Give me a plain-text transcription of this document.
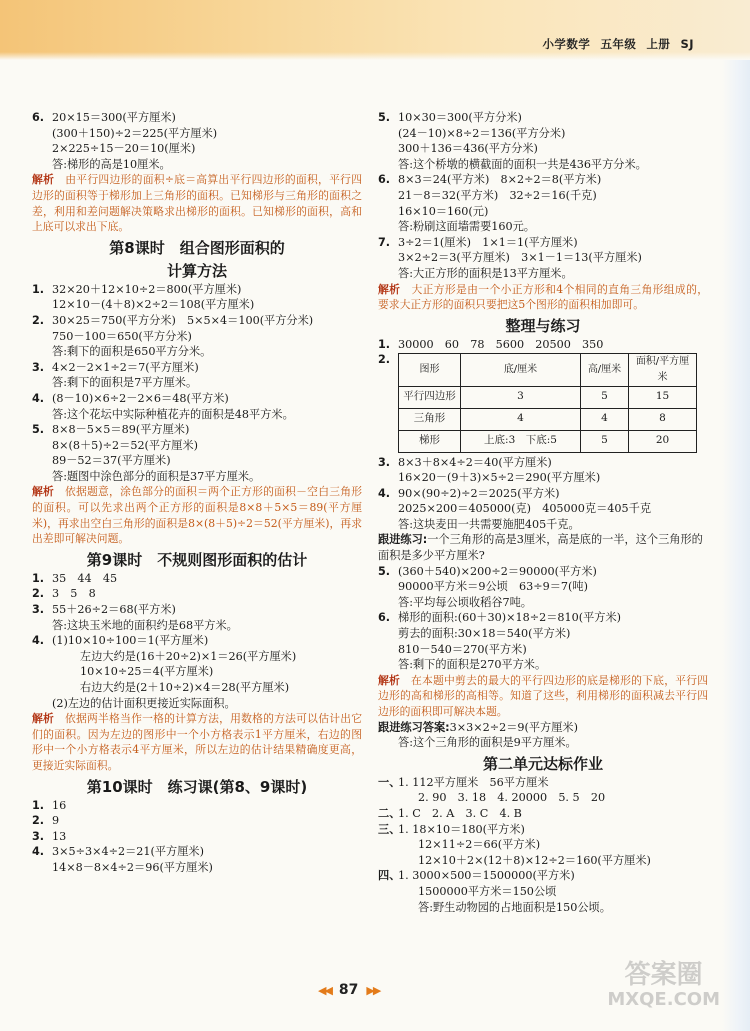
小学数学 五年级 上册 SJ
6. 20×15＝300(平方厘米)
(300＋150)÷2＝225(平方厘米)
2×225÷15－20＝10(厘米)
答:梯形的高是10厘米。
解析　 由平行四边形的面积÷底＝高算出平行四边形的面积，平行四边形的面积等于梯形加上三角形的面积。已知梯形与三角形的面积之差，利用和差问题解决策略求出梯形的面积。已知梯形的面积，高和上底可以求出下底。
第8课时　组合图形面积的
计算方法
1. 32×20＋12×10÷2＝800(平方厘米)
12×10－(4＋8)×2÷2＝108(平方厘米)
2. 30×25＝750(平方分米)　5×5×4＝100(平方分米)
750－100＝650(平方分米)
答:剩下的面积是650平方分米。
3. 4×2－2×1÷2＝7(平方厘米)
答:剩下的面积是7平方厘米。
4. (8－10)×6÷2－2×6＝48(平方米)
答:这个花坛中实际种植花卉的面积是48平方米。
5. 8×8－5×5＝89(平方厘米)
8×(8＋5)÷2＝52(平方厘米)
89－52＝37(平方厘米)
答:题图中涂色部分的面积是37平方厘米。
解析　 依据题意，涂色部分的面积＝两个正方形的面积－空白三角形的面积。可以先求出两个正方形的面积是8×8＋5×5＝89(平方厘米)，再求出空白三角形的面积是8×(8＋5)÷2＝52(平方厘米)，再求出差即可解决问题。
第9课时　不规则图形面积的估计
1. 35　44　45
2. 3　5　8
3. 55＋26÷2＝68(平方米)
答:这块玉米地的面积约是68平方米。
4. (1)10×10÷100＝1(平方厘米)
左边大约是(16＋20÷2)×1＝26(平方厘米)
10×10÷25＝4(平方厘米)
右边大约是(2＋10÷2)×4＝28(平方厘米)
(2)左边的估计面积更接近实际面积。
解析　 依据两半格当作一格的计算方法，用数格的方法可以估计出它们的面积。因为左边的图形中一个小方格表示1平方厘米，右边的图形中一个小方格表示4平方厘米，所以左边的估计结果精确度更高，更接近实际面积。
第10课时　练习课(第8、9课时)
1. 16
2. 9
3. 13
4. 3×5÷3×4÷2＝21(平方厘米)
14×8－8×4÷2＝96(平方厘米)
5. 10×30＝300(平方分米)
(24－10)×8÷2＝136(平方分米)
300＋136＝436(平方分米)
答:这个桥墩的横截面的面积一共是436平方分米。
6. 8×3＝24(平方米)　8×2÷2＝8(平方米)
21－8＝32(平方米)　32÷2＝16(千克)
16×10＝160(元)
答:粉刷这面墙需要160元。
7. 3÷2＝1(厘米)　1×1＝1(平方厘米)
3×2÷2＝3(平方厘米)　3×1－1＝13(平方厘米)
答:大正方形的面积是13平方厘米。
解析　 大正方形是由一个小正方形和4个相同的直角三角形组成的，要求大正方形的面积只要把这5个图形的面积相加即可。
整理与练习
1. 30000　60　78　5600　20500　350
2.
图形	底/厘米	高/厘米	面积/平方厘米
平行四边形	3	5	15
三角形	4	4	8
梯形	上底:3　下底:5	5	20
3. 8×3＋8×4÷2＝40(平方厘米)
16×20－(9＋3)×5÷2＝290(平方厘米)
4. 90×(90÷2)÷2＝2025(平方米)
2025×200＝405000(克)　405000克＝405千克
答:这块麦田一共需要施肥405千克。
跟进练习:一个三角形的高是3厘米，高是底的一半，这个三角形的面积是多少平方厘米?
5. (360＋540)×200÷2＝90000(平方米)
90000平方米＝9公顷　63÷9＝7(吨)
答:平均每公顷收稻谷7吨。
6. 梯形的面积:(60＋30)×18÷2＝810(平方米)
剪去的面积:30×18＝540(平方米)
810－540＝270(平方米)
答:剩下的面积是270平方米。
解析　 在本题中剪去的最大的平行四边形的底是梯形的下底，平行四边形的高和梯形的高相等。知道了这些，利用梯形的面积减去平行四边形的面积即可解决本题。
跟进练习答案:3×3×2÷2＝9(平方厘米)
答:这个三角形的面积是9平方厘米。
第二单元达标作业
一、1. 112平方厘米　56平方厘米
2. 90　3. 18　4. 20000　5. 5　20
二、1. C　2. A　3. C　4. B
三、1. 18×10＝180(平方米)
12×11÷2＝66(平方米)
12×10＋2×(12＋8)×12÷2＝160(平方厘米)
四、1. 3000×500＝1500000(平方米)
1500000平方米＝150公顷
答:野生动物园的占地面积是150公顷。
◀◀ 87 ▶▶
答案圈
MXQE.COM
